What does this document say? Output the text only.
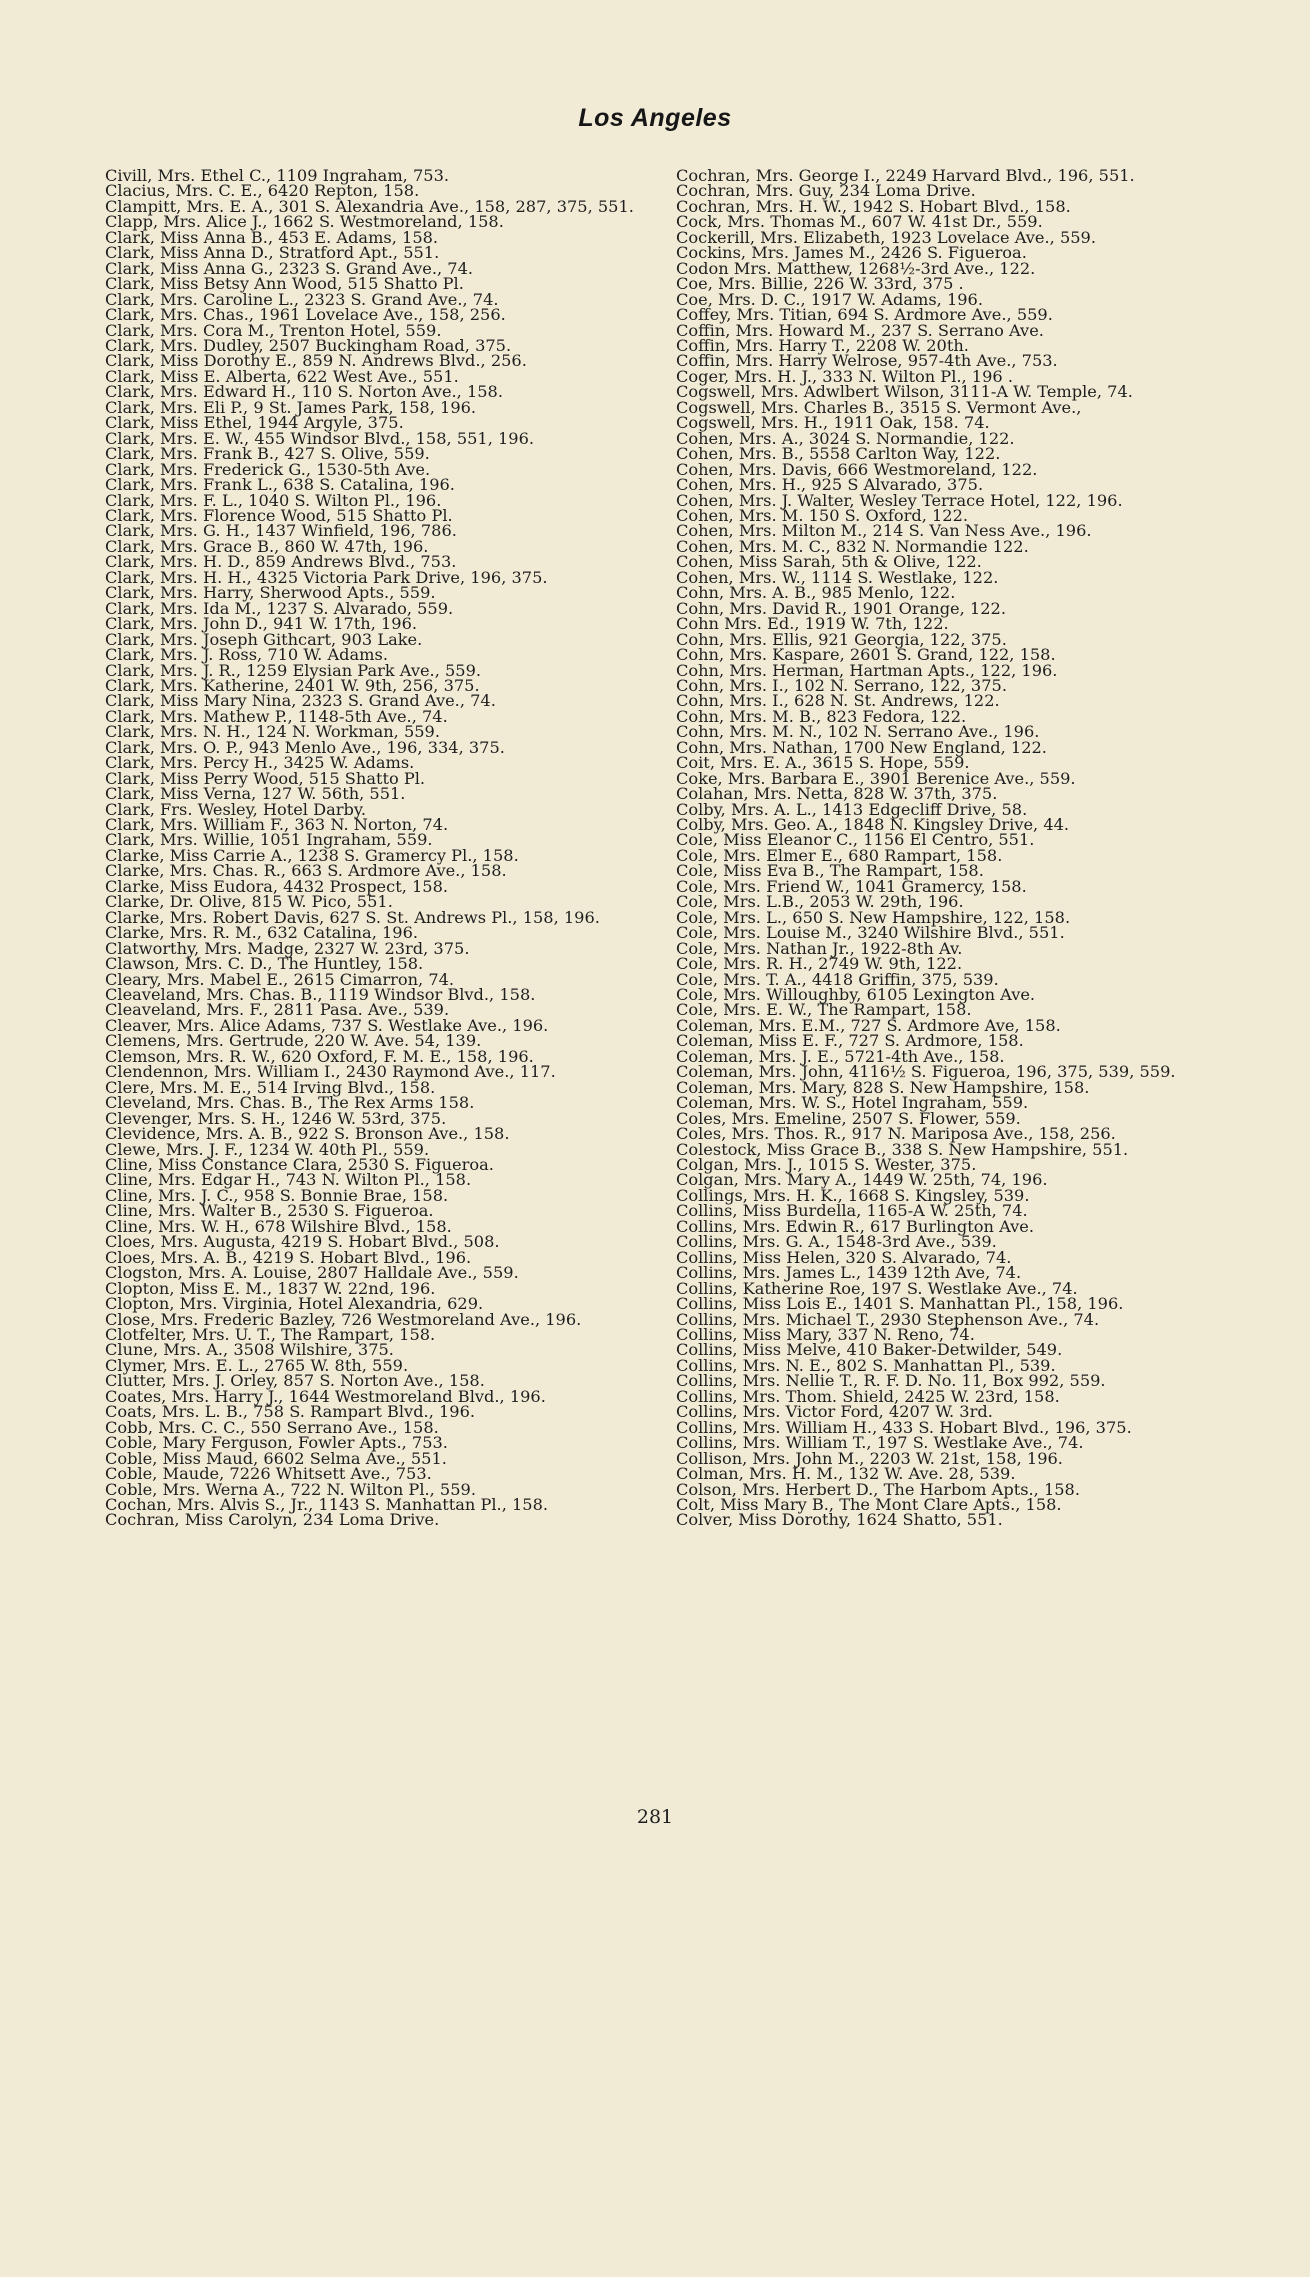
Los Angeles
Civill, Mrs. Ethel C., 1109 Ingraham, 753.
Clacius, Mrs. C. E., 6420 Repton, 158.
Clampitt, Mrs. E. A., 301 S. Alexandria Ave., 158, 287, 375, 551.
Clapp, Mrs. Alice J., 1662 S. Westmoreland, 158.
Clark, Miss Anna B., 453 E. Adams, 158.
Clark, Miss Anna D., Stratford Apt., 551.
Clark, Miss Anna G., 2323 S. Grand Ave., 74.
Clark, Miss Betsy Ann Wood, 515 Shatto Pl.
Clark, Mrs. Caroline L., 2323 S. Grand Ave., 74.
Clark, Mrs. Chas., 1961 Lovelace Ave., 158, 256.
Clark, Mrs. Cora M., Trenton Hotel, 559.
Clark, Mrs. Dudley, 2507 Buckingham Road, 375.
Clark, Miss Dorothy E., 859 N. Andrews Blvd., 256.
Clark, Miss E. Alberta, 622 West Ave., 551.
Clark, Mrs. Edward H., 110 S. Norton Ave., 158.
Clark, Mrs. Eli P., 9 St. James Park, 158, 196.
Clark, Miss Ethel, 1944 Argyle, 375.
Clark, Mrs. E. W., 455 Windsor Blvd., 158, 551, 196.
Clark, Mrs. Frank B., 427 S. Olive, 559.
Clark, Mrs. Frederick G., 1530-5th Ave.
Clark, Mrs. Frank L., 638 S. Catalina, 196.
Clark, Mrs. F. L., 1040 S. Wilton Pl., 196.
Clark, Mrs. Florence Wood, 515 Shatto Pl.
Clark, Mrs. G. H., 1437 Winfield, 196, 786.
Clark, Mrs. Grace B., 860 W. 47th, 196.
Clark, Mrs. H. D., 859 Andrews Blvd., 753.
Clark, Mrs. H. H., 4325 Victoria Park Drive, 196, 375.
Clark, Mrs. Harry, Sherwood Apts., 559.
Clark, Mrs. Ida M., 1237 S. Alvarado, 559.
Clark, Mrs. John D., 941 W. 17th, 196.
Clark, Mrs. Joseph Githcart, 903 Lake.
Clark, Mrs. J. Ross, 710 W. Adams.
Clark, Mrs. J. R., 1259 Elysian Park Ave., 559.
Clark, Mrs. Katherine, 2401 W. 9th, 256, 375.
Clark, Miss Mary Nina, 2323 S. Grand Ave., 74.
Clark, Mrs. Mathew P., 1148-5th Ave., 74.
Clark, Mrs. N. H., 124 N. Workman, 559.
Clark, Mrs. O. P., 943 Menlo Ave., 196, 334, 375.
Clark, Mrs. Percy H., 3425 W. Adams.
Clark, Miss Perry Wood, 515 Shatto Pl.
Clark, Miss Verna, 127 W. 56th, 551.
Clark, Frs. Wesley, Hotel Darby.
Clark, Mrs. William F., 363 N. Norton, 74.
Clark, Mrs. Willie, 1051 Ingraham, 559.
Clarke, Miss Carrie A., 1238 S. Gramercy Pl., 158.
Clarke, Mrs. Chas. R., 663 S. Ardmore Ave., 158.
Clarke, Miss Eudora, 4432 Prospect, 158.
Clarke, Dr. Olive, 815 W. Pico, 551.
Clarke, Mrs. Robert Davis, 627 S. St. Andrews Pl., 158, 196.
Clarke, Mrs. R. M., 632 Catalina, 196.
Clatworthy, Mrs. Madge, 2327 W. 23rd, 375.
Clawson, Mrs. C. D., The Huntley, 158.
Cleary, Mrs. Mabel E., 2615 Cimarron, 74.
Cleaveland, Mrs. Chas. B., 1119 Windsor Blvd., 158.
Cleaveland, Mrs. F., 2811 Pasa. Ave., 539.
Cleaver, Mrs. Alice Adams, 737 S. Westlake Ave., 196.
Clemens, Mrs. Gertrude, 220 W. Ave. 54, 139.
Clemson, Mrs. R. W., 620 Oxford, F. M. E., 158, 196.
Clendennon, Mrs. William I., 2430 Raymond Ave., 117.
Clere, Mrs. M. E., 514 Irving Blvd., 158.
Cleveland, Mrs. Chas. B., The Rex Arms 158.
Clevenger, Mrs. S. H., 1246 W. 53rd, 375.
Clevidence, Mrs. A. B., 922 S. Bronson Ave., 158.
Clewe, Mrs. J. F., 1234 W. 40th Pl., 559.
Cline, Miss Constance Clara, 2530 S. Figueroa.
Cline, Mrs. Edgar H., 743 N. Wilton Pl., 158.
Cline, Mrs. J. C., 958 S. Bonnie Brae, 158.
Cline, Mrs. Walter B., 2530 S. Figueroa.
Cline, Mrs. W. H., 678 Wilshire Blvd., 158.
Cloes, Mrs. Augusta, 4219 S. Hobart Blvd., 508.
Cloes, Mrs. A. B., 4219 S. Hobart Blvd., 196.
Clogston, Mrs. A. Louise, 2807 Halldale Ave., 559.
Clopton, Miss E. M., 1837 W. 22nd, 196.
Clopton, Mrs. Virginia, Hotel Alexandria, 629.
Close, Mrs. Frederic Bazley, 726 Westmoreland Ave., 196.
Clotfelter, Mrs. U. T., The Rampart, 158.
Clune, Mrs. A., 3508 Wilshire, 375.
Clymer, Mrs. E. L., 2765 W. 8th, 559.
Clutter, Mrs. J. Orley, 857 S. Norton Ave., 158.
Coates, Mrs. Harry J., 1644 Westmoreland Blvd., 196.
Coats, Mrs. L. B., 758 S. Rampart Blvd., 196.
Cobb, Mrs. C. C., 550 Serrano Ave., 158.
Coble, Mary Ferguson, Fowler Apts., 753.
Coble, Miss Maud, 6602 Selma Ave., 551.
Coble, Maude, 7226 Whitsett Ave., 753.
Coble, Mrs. Werna A., 722 N. Wilton Pl., 559.
Cochan, Mrs. Alvis S., Jr., 1143 S. Manhattan Pl., 158.
Cochran, Miss Carolyn, 234 Loma Drive.
Cochran, Mrs. George I., 2249 Harvard Blvd., 196, 551.
Cochran, Mrs. Guy, 234 Loma Drive.
Cochran, Mrs. H. W., 1942 S. Hobart Blvd., 158.
Cock, Mrs. Thomas M., 607 W. 41st Dr., 559.
Cockerill, Mrs. Elizabeth, 1923 Lovelace Ave., 559.
Cockins, Mrs. James M., 2426 S. Figueroa.
Codon Mrs. Matthew, 1268½-3rd Ave., 122.
Coe, Mrs. Billie, 226 W. 33rd, 375 .
Coe, Mrs. D. C., 1917 W. Adams, 196.
Coffey, Mrs. Titian, 694 S. Ardmore Ave., 559.
Coffin, Mrs. Howard M., 237 S. Serrano Ave.
Coffin, Mrs. Harry T., 2208 W. 20th.
Coffin, Mrs. Harry Welrose, 957-4th Ave., 753.
Coger, Mrs. H. J., 333 N. Wilton Pl., 196 .
Cogswell, Mrs. Adwlbert Wilson, 3111-A W. Temple, 74.
Cogswell, Mrs. Charles B., 3515 S. Vermont Ave.,
Cogswell, Mrs. H., 1911 Oak, 158. 74.
Cohen, Mrs. A., 3024 S. Normandie, 122.
Cohen, Mrs. B., 5558 Carlton Way, 122.
Cohen, Mrs. Davis, 666 Westmoreland, 122.
Cohen, Mrs. H., 925 S Alvarado, 375.
Cohen, Mrs. J. Walter, Wesley Terrace Hotel, 122, 196.
Cohen, Mrs. M. 150 S. Oxford, 122.
Cohen, Mrs. Milton M., 214 S. Van Ness Ave., 196.
Cohen, Mrs. M. C., 832 N. Normandie 122.
Cohen, Miss Sarah, 5th & Olive, 122.
Cohen, Mrs. W., 1114 S. Westlake, 122.
Cohn, Mrs. A. B., 985 Menlo, 122.
Cohn, Mrs. David R., 1901 Orange, 122.
Cohn Mrs. Ed., 1919 W. 7th, 122.
Cohn, Mrs. Ellis, 921 Georgia, 122, 375.
Cohn, Mrs. Kaspare, 2601 S. Grand, 122, 158.
Cohn, Mrs. Herman, Hartman Apts., 122, 196.
Cohn, Mrs. I., 102 N. Serrano, 122, 375.
Cohn, Mrs. I., 628 N. St. Andrews, 122.
Cohn, Mrs. M. B., 823 Fedora, 122.
Cohn, Mrs. M. N., 102 N. Serrano Ave., 196.
Cohn, Mrs. Nathan, 1700 New England, 122.
Coit, Mrs. E. A., 3615 S. Hope, 559.
Coke, Mrs. Barbara E., 3901 Berenice Ave., 559.
Colahan, Mrs. Netta, 828 W. 37th, 375.
Colby, Mrs. A. L., 1413 Edgecliff Drive, 58.
Colby, Mrs. Geo. A., 1848 N. Kingsley Drive, 44.
Cole, Miss Eleanor C., 1156 El Centro, 551.
Cole, Mrs. Elmer E., 680 Rampart, 158.
Cole, Miss Eva B., The Rampart, 158.
Cole, Mrs. Friend W., 1041 Gramercy, 158.
Cole, Mrs. L.B., 2053 W. 29th, 196.
Cole, Mrs. L., 650 S. New Hampshire, 122, 158.
Cole, Mrs. Louise M., 3240 Wilshire Blvd., 551.
Cole, Mrs. Nathan Jr., 1922-8th Av.
Cole, Mrs. R. H., 2749 W. 9th, 122.
Cole, Mrs. T. A., 4418 Griffin, 375, 539.
Cole, Mrs. Willoughby, 6105 Lexington Ave.
Cole, Mrs. E. W., The Rampart, 158.
Coleman, Mrs. E.M., 727 S. Ardmore Ave, 158.
Coleman, Miss E. F., 727 S. Ardmore, 158.
Coleman, Mrs. J. E., 5721-4th Ave., 158.
Coleman, Mrs. John, 4116½ S. Figueroa, 196, 375, 539, 559.
Coleman, Mrs. Mary, 828 S. New Hampshire, 158.
Coleman, Mrs. W. S., Hotel Ingraham, 559.
Coles, Mrs. Emeline, 2507 S. Flower, 559.
Coles, Mrs. Thos. R., 917 N. Mariposa Ave., 158, 256.
Colestock, Miss Grace B., 338 S. New Hampshire, 551.
Colgan, Mrs. J., 1015 S. Wester, 375.
Colgan, Mrs. Mary A., 1449 W. 25th, 74, 196.
Collings, Mrs. H. K., 1668 S. Kingsley, 539.
Collins, Miss Burdella, 1165-A W. 25th, 74.
Collins, Mrs. Edwin R., 617 Burlington Ave.
Collins, Mrs. G. A., 1548-3rd Ave., 539.
Collins, Miss Helen, 320 S. Alvarado, 74.
Collins, Mrs. James L., 1439 12th Ave, 74.
Collins, Katherine Roe, 197 S. Westlake Ave., 74.
Collins, Miss Lois E., 1401 S. Manhattan Pl., 158, 196.
Collins, Mrs. Michael T., 2930 Stephenson Ave., 74.
Collins, Miss Mary, 337 N. Reno, 74.
Collins, Miss Melve, 410 Baker-Detwilder, 549.
Collins, Mrs. N. E., 802 S. Manhattan Pl., 539.
Collins, Mrs. Nellie T., R. F. D. No. 11, Box 992, 559.
Collins, Mrs. Thom. Shield, 2425 W. 23rd, 158.
Collins, Mrs. Victor Ford, 4207 W. 3rd.
Collins, Mrs. William H., 433 S. Hobart Blvd., 196, 375.
Collins, Mrs. William T., 197 S. Westlake Ave., 74.
Collison, Mrs. John M., 2203 W. 21st, 158, 196.
Colman, Mrs. H. M., 132 W. Ave. 28, 539.
Colson, Mrs. Herbert D., The Harbom Apts., 158.
Colt, Miss Mary B., The Mont Clare Apts., 158.
Colver, Miss Dorothy, 1624 Shatto, 551.
281
